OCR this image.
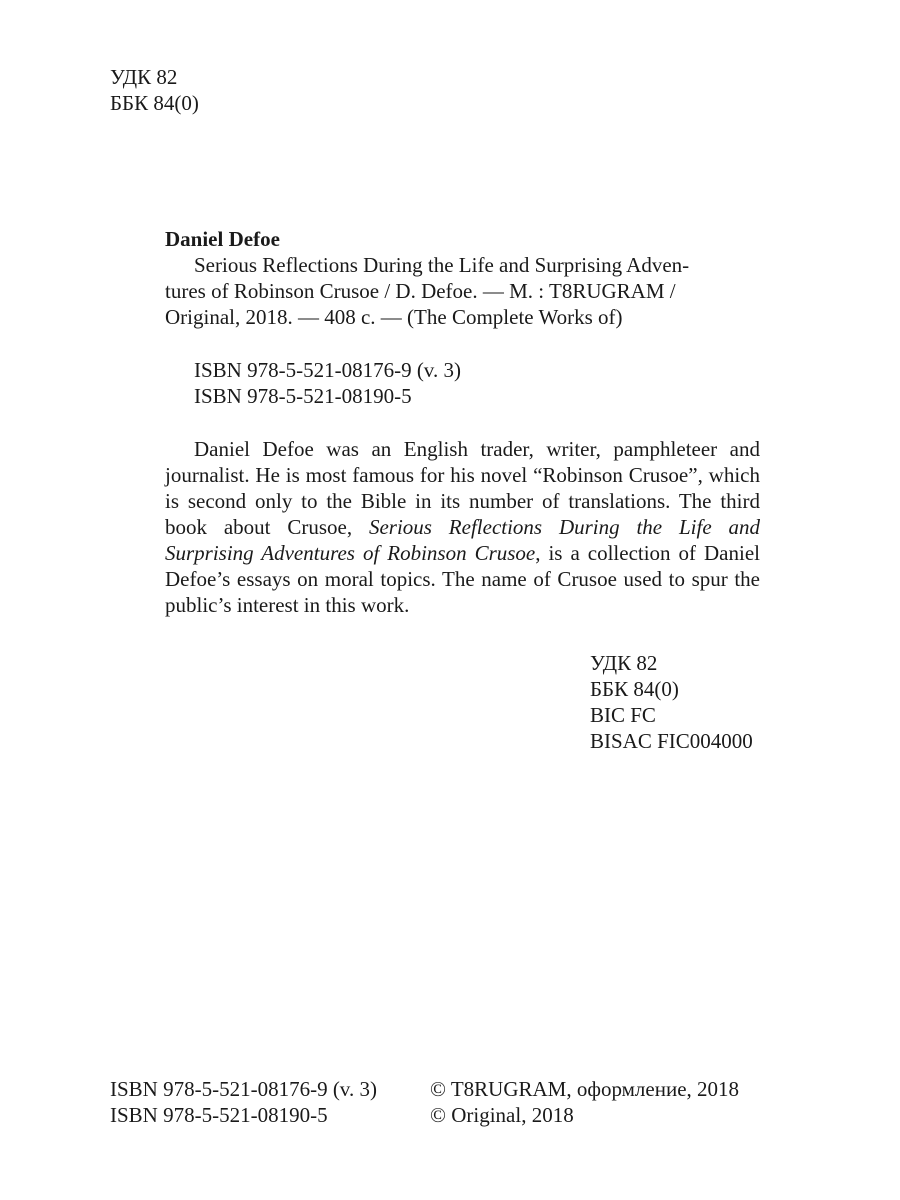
УДК 82
ББК 84(0)
Daniel Defoe
Serious Reflections During the Life and Surprising Adven-
tures of Robinson Crusoe / D. Defoe. — M. : T8RUGRAM /
Original, 2018. — 408 c. — (The Complete Works of)
ISBN 978-5-521-08176-9 (v. 3)
ISBN 978-5-521-08190-5

Daniel Defoe was an English trader, writer, pamphleteer and journalist. He is most famous for his novel “Robinson Crusoe”, which is second only to the Bible in its number of translations. The third book about Crusoe, Serious Reflections During the Life and Surprising Adventures of Robinson Crusoe, is a collection of Daniel Defoe’s essays on moral topics. The name of Crusoe used to spur the public’s interest in this work.

УДК 82
ББК 84(0)
BIC FC
BISAC FIC004000
ISBN 978-5-521-08176-9 (v. 3)
ISBN 978-5-521-08190-5
© T8RUGRAM, оформление, 2018
© Original, 2018
